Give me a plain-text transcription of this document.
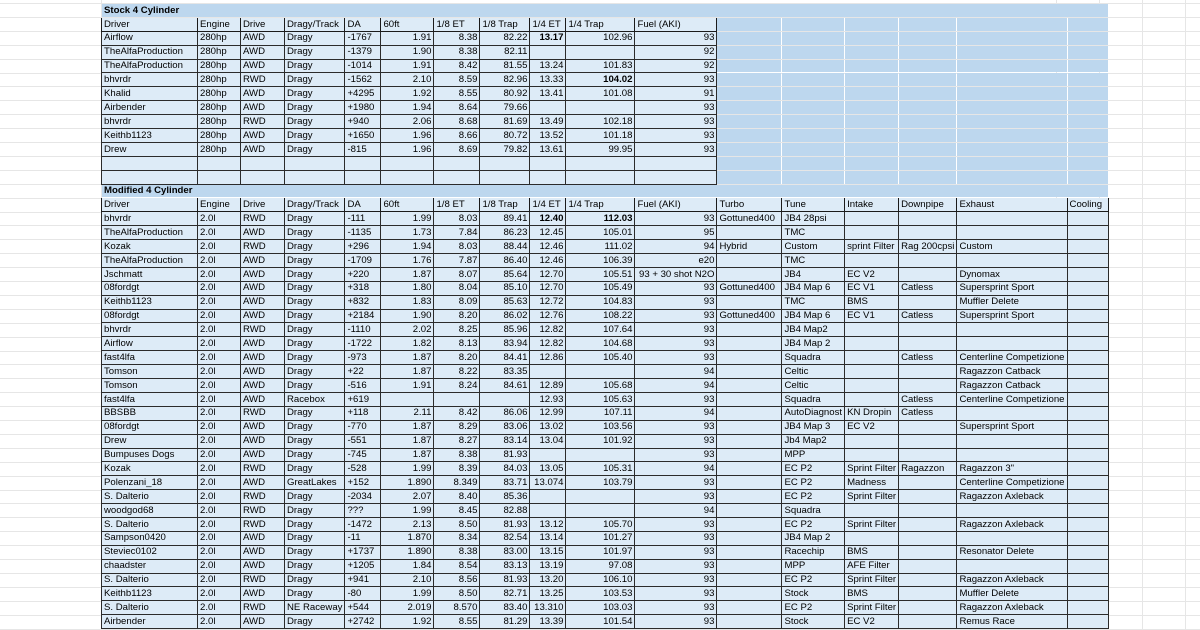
Stock 4 Cylinder																
Driver	Engine	Drive	Dragy/Track	DA	60ft	1/8 ET	1/8 Trap	1/4 ET	1/4 Trap	Fuel (AKI)						
Airflow	280hp	AWD	Dragy	-1767	1.91	8.38	82.22	13.17	102.96	93						
TheAlfaProduction	280hp	AWD	Dragy	-1379	1.90	8.38	82.11			92						
TheAlfaProduction	280hp	AWD	Dragy	-1014	1.91	8.42	81.55	13.24	101.83	92						
bhvrdr	280hp	RWD	Dragy	-1562	2.10	8.59	82.96	13.33	104.02	93						
Khalid	280hp	AWD	Dragy	+4295	1.92	8.55	80.92	13.41	101.08	91						
Airbender	280hp	AWD	Dragy	+1980	1.94	8.64	79.66			93						
bhvrdr	280hp	RWD	Dragy	+940	2.06	8.68	81.69	13.49	102.18	93						
Keithb1123	280hp	AWD	Dragy	+1650	1.96	8.66	80.72	13.52	101.18	93						
Drew	280hp	AWD	Dragy	-815	1.96	8.69	79.82	13.61	99.95	93						

Modified 4 Cylinder																
Driver	Engine	Drive	Dragy/Track	DA	60ft	1/8 ET	1/8 Trap	1/4 ET	1/4 Trap	Fuel (AKI)	Turbo	Tune	Intake	Downpipe	Exhaust	Cooling
bhvrdr	2.0l	RWD	Dragy	-111	1.99	8.03	89.41	12.40	112.03	93	Gottuned400	JB4 28psi				
TheAlfaProduction	2.0l	AWD	Dragy	-1135	1.73	7.84	86.23	12.45	105.01	95		TMC				
Kozak	2.0l	RWD	Dragy	+296	1.94	8.03	88.44	12.46	111.02	94	Hybrid	Custom	sprint Filter	Rag 200cpsi	Custom	
TheAlfaProduction	2.0l	AWD	Dragy	-1709	1.76	7.87	86.40	12.46	106.39	e20		TMC				
Jschmatt	2.0l	AWD	Dragy	+220	1.87	8.07	85.64	12.70	105.51	93 + 30 shot N2O		JB4	EC V2		Dynomax	
08fordgt	2.0l	AWD	Dragy	+318	1.80	8.04	85.10	12.70	105.49	93	Gottuned400	JB4 Map 6	EC V1	Catless	Supersprint Sport	
Keithb1123	2.0l	AWD	Dragy	+832	1.83	8.09	85.63	12.72	104.83	93		TMC	BMS		Muffler Delete	
08fordgt	2.0l	AWD	Dragy	+2184	1.90	8.20	86.02	12.76	108.22	93	Gottuned400	JB4 Map 6	EC V1	Catless	Supersprint Sport	
bhvrdr	2.0l	RWD	Dragy	-1110	2.02	8.25	85.96	12.82	107.64	93		JB4 Map2				
Airflow	2.0l	AWD	Dragy	-1722	1.82	8.13	83.94	12.82	104.68	93		JB4 Map 2				
fast4lfa	2.0l	AWD	Dragy	-973	1.87	8.20	84.41	12.86	105.40	93		Squadra		Catless	Centerline Competizione	
Tomson	2.0l	AWD	Dragy	+22	1.87	8.22	83.35			94		Celtic			Ragazzon Catback	
Tomson	2.0l	AWD	Dragy	-516	1.91	8.24	84.61	12.89	105.68	94		Celtic			Ragazzon Catback	
fast4lfa	2.0l	AWD	Racebox	+619				12.93	105.63	93		Squadra		Catless	Centerline Competizione	
BBSBB	2.0l	RWD	Dragy	+118	2.11	8.42	86.06	12.99	107.11	94		AutoDiagnost	KN Dropin	Catless		
08fordgt	2.0l	AWD	Dragy	-770	1.87	8.29	83.06	13.02	103.56	93		JB4 Map 3	EC V2		Supersprint Sport	
Drew	2.0l	AWD	Dragy	-551	1.87	8.27	83.14	13.04	101.92	93		Jb4 Map2				
Bumpuses Dogs	2.0l	AWD	Dragy	-745	1.87	8.38	81.93			93		MPP				
Kozak	2.0l	RWD	Dragy	-528	1.99	8.39	84.03	13.05	105.31	94		EC P2	Sprint Filter	Ragazzon	Ragazzon 3"	
Polenzani_18	2.0l	AWD	GreatLakes	+152	1.890	8.349	83.71	13.074	103.79	93		EC P2	Madness		Centerline Competizione	
S. Dalterio	2.0l	RWD	Dragy	-2034	2.07	8.40	85.36			93		EC P2	Sprint Filter		Ragazzon Axleback	
woodgod68	2.0l	RWD	Dragy	???	1.99	8.45	82.88			94		Squadra				
S. Dalterio	2.0l	RWD	Dragy	-1472	2.13	8.50	81.93	13.12	105.70	93		EC P2	Sprint Filter		Ragazzon Axleback	
Sampson0420	2.0l	AWD	Dragy	-11	1.870	8.34	82.54	13.14	101.27	93		JB4 Map 2				
Steviec0102	2.0l	AWD	Dragy	+1737	1.890	8.38	83.00	13.15	101.97	93		Racechip	BMS		Resonator Delete	
chaadster	2.0l	AWD	Dragy	+1205	1.84	8.54	83.13	13.19	97.08	93		MPP	AFE Filter			
S. Dalterio	2.0l	RWD	Dragy	+941	2.10	8.56	81.93	13.20	106.10	93		EC P2	Sprint Filter		Ragazzon Axleback	
Keithb1123	2.0l	AWD	Dragy	-80	1.99	8.50	82.71	13.25	103.53	93		Stock	BMS		Muffler Delete	
S. Dalterio	2.0l	RWD	NE Raceway	+544	2.019	8.570	83.40	13.310	103.03	93		EC P2	Sprint Filter		Ragazzon Axleback	
Airbender	2.0l	AWD	Dragy	+2742	1.92	8.55	81.29	13.39	101.54	93		Stock	EC V2		Remus Race	
